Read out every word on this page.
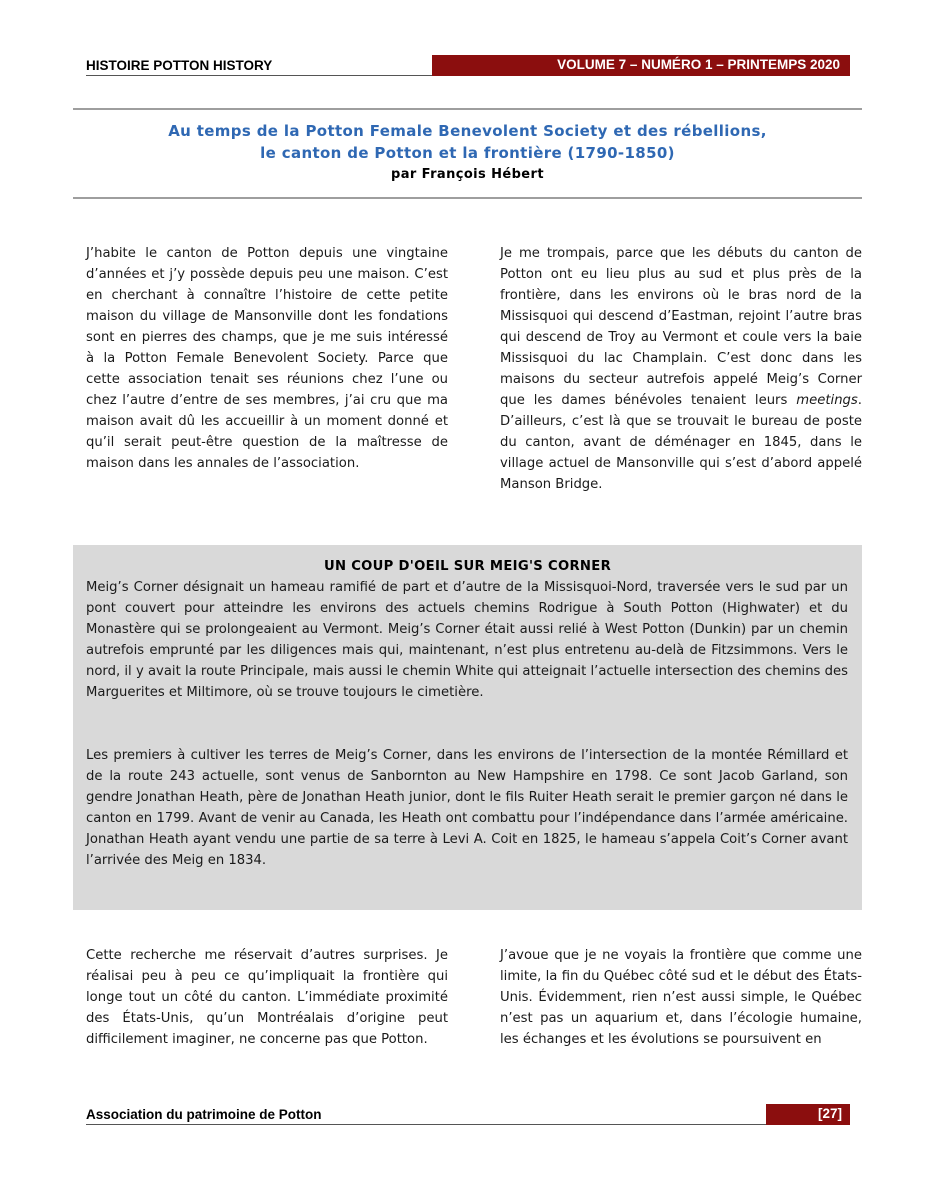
HISTOIRE POTTON HISTORY	VOLUME 7 – NUMÉRO 1 – PRINTEMPS 2020
Au temps de la Potton Female Benevolent Society et des rébellions,
le canton de Potton et la frontière (1790-1850)
par François Hébert

J’habite le canton de Potton depuis une vingtaine d’années et j’y possède depuis peu une maison. C’est en cherchant à connaître l’histoire de cette petite maison du village de Mansonville dont les fondations sont en pierres des champs, que je me suis intéressé à la Potton Female Benevolent Society. Parce que cette association tenait ses réunions chez l’une ou chez l’autre d’entre de ses membres, j’ai cru que ma maison avait dû les accueillir à un moment donné et qu’il serait peut-être question de la maîtresse de maison dans les annales de l’association.

Je me trompais, parce que les débuts du canton de Potton ont eu lieu plus au sud et plus près de la frontière, dans les environs où le bras nord de la Missisquoi qui descend d’Eastman, rejoint l’autre bras qui descend de Troy au Vermont et coule vers la baie Missisquoi du lac Champlain. C’est donc dans les maisons du secteur autrefois appelé Meig’s Corner que les dames bénévoles tenaient leurs meetings. D’ailleurs, c’est là que se trouvait le bureau de poste du canton, avant de déménager en 1845, dans le village actuel de Mansonville qui s’est d’abord appelé Manson Bridge.

UN COUP D'OEIL SUR MEIG'S CORNER

Meig’s Corner désignait un hameau ramifié de part et d’autre de la Missisquoi-Nord, traversée vers le sud par un pont couvert pour atteindre les environs des actuels chemins Rodrigue à South Potton (Highwater) et du Monastère qui se prolongeaient au Vermont. Meig’s Corner était aussi relié à West Potton (Dunkin) par un chemin autrefois emprunté par les diligences mais qui, maintenant, n’est plus entretenu au-delà de Fitzsimmons. Vers le nord, il y avait la route Principale, mais aussi le chemin White qui atteignait l’actuelle intersection des chemins des Marguerites et Miltimore, où se trouve toujours le cimetière.

Les premiers à cultiver les terres de Meig’s Corner, dans les environs de l’intersection de la montée Rémillard et de la route 243 actuelle, sont venus de Sanbornton au New Hampshire en 1798. Ce sont Jacob Garland, son gendre Jonathan Heath, père de Jonathan Heath junior, dont le fils Ruiter Heath serait le premier garçon né dans le canton en 1799. Avant de venir au Canada, les Heath ont combattu pour l’indépendance dans l’armée américaine. Jonathan Heath ayant vendu une partie de sa terre à Levi A. Coit en 1825, le hameau s’appela Coit’s Corner avant l’arrivée des Meig en 1834.

Cette recherche me réservait d’autres surprises. Je réalisai peu à peu ce qu’impliquait la frontière qui longe tout un côté du canton. L’immédiate proximité des États-Unis, qu’un Montréalais d’origine peut difficilement imaginer, ne concerne pas que Potton.

J’avoue que je ne voyais la frontière que comme une limite, la fin du Québec côté sud et le début des États-Unis. Évidemment, rien n’est aussi simple, le Québec n’est pas un aquarium et, dans l’écologie humaine, les échanges et les évolutions se poursuivent en

Association du patrimoine de Potton	[27]
